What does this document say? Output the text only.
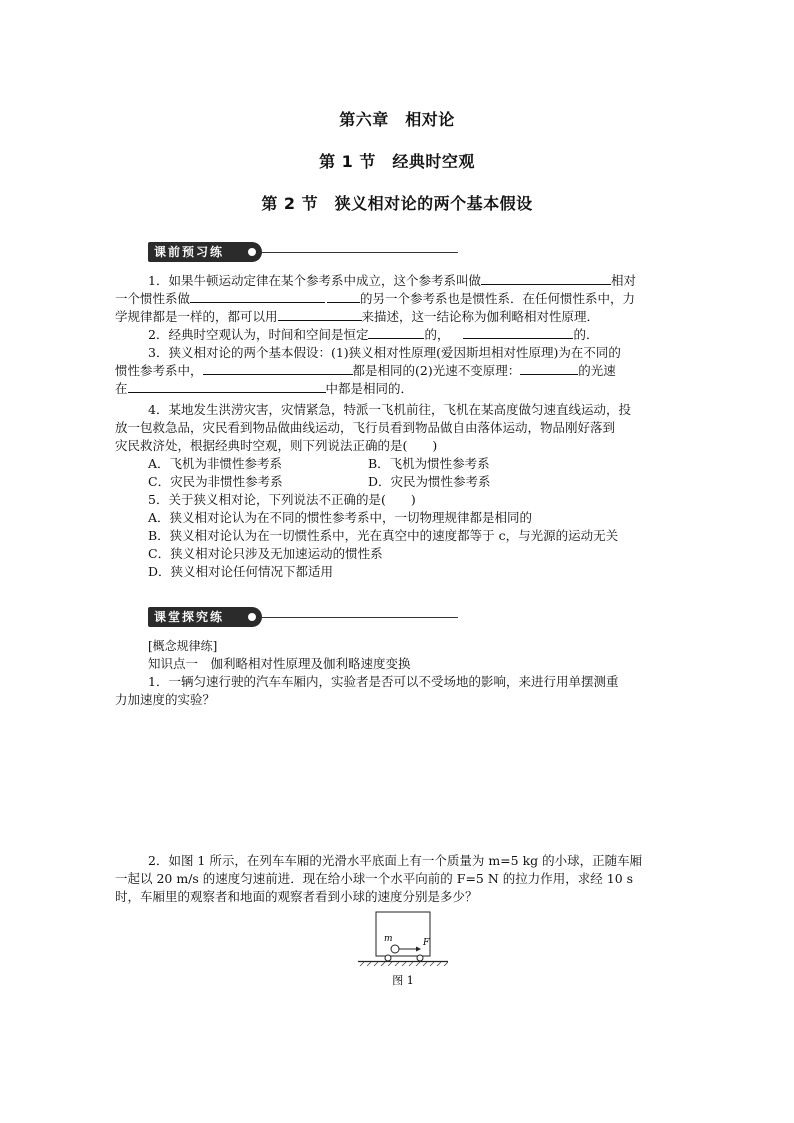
第六章　相对论
第 1 节　经典时空观
第 2 节　狭义相对论的两个基本假设
课前预习练
1．如果牛顿运动定律在某个参考系中成立，这个参考系叫做	相对
一个惯性系做	的另一个参考系也是惯性系．在任何惯性系中，力
学规律都是一样的，都可以用	来描述，这一结论称为伽利略相对性原理．
2．经典时空观认为，时间和空间是恒定	的，	的．
3．狭义相对论的两个基本假设：(1)狭义相对性原理(爱因斯坦相对性原理)为在不同的
惯性参考系中，	都是相同的(2)光速不变原理：	的光速
在	中都是相同的．
4．某地发生洪涝灾害，灾情紧急，特派一飞机前往，飞机在某高度做匀速直线运动，投
放一包救急品，灾民看到物品做曲线运动，飞行员看到物品做自由落体运动，物品刚好落到
灾民救济处，根据经典时空观，则下列说法正确的是(　　)
A．飞机为非惯性参考系	B．飞机为惯性参考系
C．灾民为非惯性参考系	D．灾民为惯性参考系
5．关于狭义相对论，下列说法不正确的是(　　)
A．狭义相对论认为在不同的惯性参考系中，一切物理规律都是相同的
B．狭义相对论认为在一切惯性系中，光在真空中的速度都等于 c，与光源的运动无关
C．狭义相对论只涉及无加速运动的惯性系
D．狭义相对论任何情况下都适用
课堂探究练
[概念规律练]
知识点一　伽利略相对性原理及伽利略速度变换
1．一辆匀速行驶的汽车车厢内，实验者是否可以不受场地的影响，来进行用单摆测重
力加速度的实验？
2．如图 1 所示，在列车车厢的光滑水平底面上有一个质量为 m=5 kg 的小球，正随车厢
一起以 20 m/s 的速度匀速前进．现在给小球一个水平向前的 F=5 N 的拉力作用，求经 10 s
时，车厢里的观察者和地面的观察者看到小球的速度分别是多少？
m	F
图 1
